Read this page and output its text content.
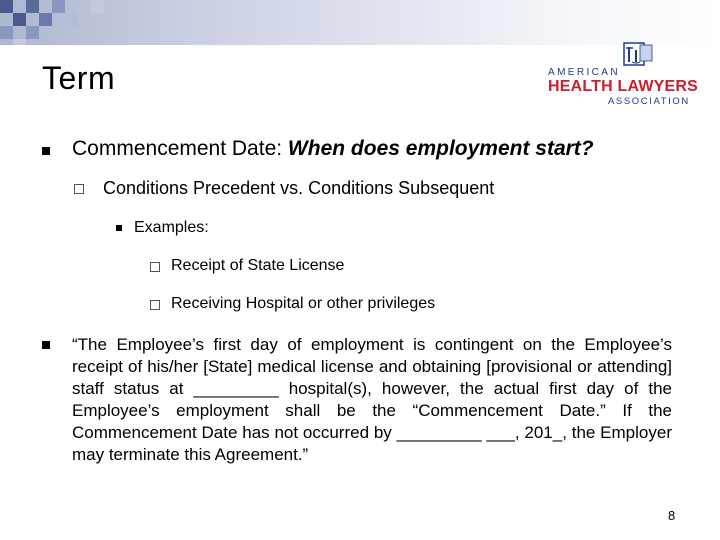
Term	AMERICAN
HEALTH LAWYERS
ASSOCIATION
Commencement Date: When does employment start?
Conditions Precedent vs. Conditions Subsequent
Examples:
Receipt of State License
Receiving Hospital or other privileges
“The Employee’s first day of employment is contingent on the Employee’s receipt of his/her [State] medical license and obtaining [provisional or attending] staff status at _________ hospital(s), however, the actual first day of the Employee’s employment shall be the “Commencement Date.” If the Commencement Date has not occurred by _________ ___, 201_, the Employer may terminate this Agreement.”
8
